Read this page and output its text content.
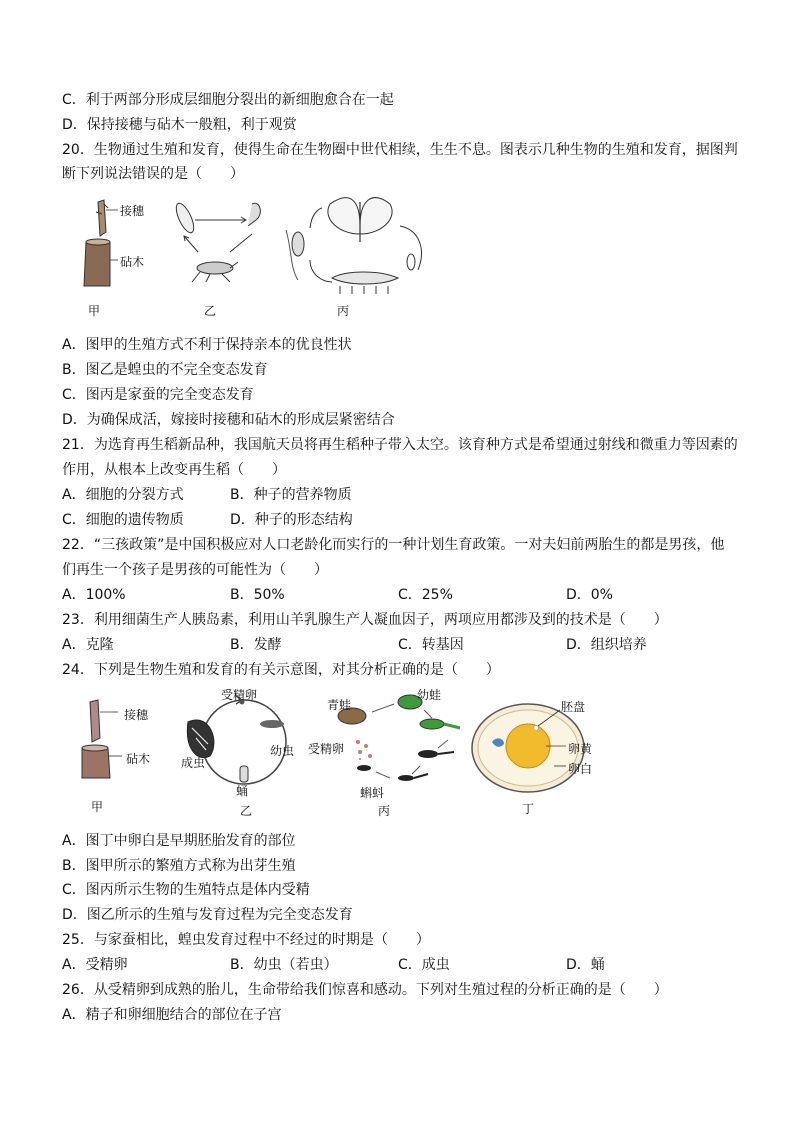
C．利于两部分形成层细胞分裂出的新细胞愈合在一起
D．保持接穗与砧木一般粗，利于观赏
20．生物通过生殖和发育，使得生命在生物圈中世代相续，生生不息。图表示几种生物的生殖和发育，据图判
断下列说法错误的是（　　）
接穗
砧木
甲	乙	丙
A．图甲的生殖方式不利于保持亲本的优良性状
B．图乙是蝗虫的不完全变态发育
C．图丙是家蚕的完全变态发育
D．为确保成活，嫁接时接穗和砧木的形成层紧密结合
21．为选育再生稻新品种，我国航天员将再生稻种子带入太空。该育种方式是希望通过射线和微重力等因素的
作用，从根本上改变再生稻（　　）
A．细胞的分裂方式	B．种子的营养物质
C．细胞的遗传物质	D．种子的形态结构
22．“三孩政策”是中国积极应对人口老龄化而实行的一种计划生育政策。一对夫妇前两胎生的都是男孩，他
们再生一个孩子是男孩的可能性为（　　）
A．100%	B．50%	C．25%	D．0%
23．利用细菌生产人胰岛素，利用山羊乳腺生产人凝血因子，两项应用都涉及到的技术是（　　）
A．克隆	B．发酵	C．转基因	D．组织培养
24．下列是生物生殖和发育的有关示意图，对其分析正确的是（　　）
接穗
砧木
受精卵
幼虫
成虫
蛹
青蛙
幼蛙
受精卵
蝌蚪
胚盘
卵黄
卵白
甲	乙	丙	丁
A．图丁中卵白是早期胚胎发育的部位
B．图甲所示的繁殖方式称为出芽生殖
C．图丙所示生物的生殖特点是体内受精
D．图乙所示的生殖与发育过程为完全变态发育
25．与家蚕相比，蝗虫发育过程中不经过的时期是（　　）
A．受精卵	B．幼虫（若虫）	C．成虫	D．蛹
26．从受精卵到成熟的胎儿，生命带给我们惊喜和感动。下列对生殖过程的分析正确的是（　　）
A．精子和卵细胞结合的部位在子宫
